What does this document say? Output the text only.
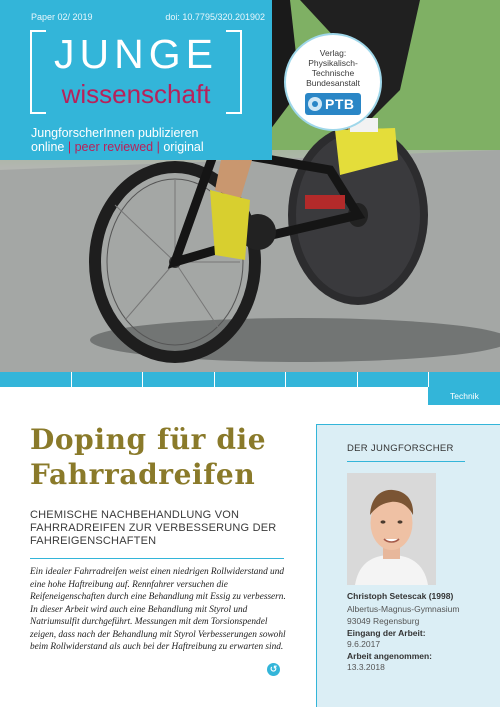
Paper 02/ 2019	doi: 10.7795/320.201902
JUNGE
wissenschaft
JungforscherInnen publizieren
online | peer reviewed | original
Verlag:
Physikalisch-
Technische
Bundesanstalt
PTB
Technik
Doping für die
Fahrradreifen
CHEMISCHE NACHBEHANDLUNG VON FAHRRADREIFEN ZUR VERBESSERUNG DER FAHREIGENSCHAFTEN
Ein idealer Fahrradreifen weist einen niedrigen Rollwiderstand und eine hohe Haftreibung auf. Rennfahrer versuchen die Reifeneigenschaften durch eine Behandlung mit Essig zu verbessern. In dieser Arbeit wird auch eine Behandlung mit Styrol und Natriumsulfit durchgeführt. Messungen mit dem Torsionspendel zeigen, dass nach der Behandlung mit Styrol Verbesserungen sowohl beim Rollwiderstand als auch bei der Haftreibung zu erwarten sind.
↺
DER JUNGFORSCHER
Christoph Setescak (1998)
Albertus-Magnus-Gymnasium
93049 Regensburg
Eingang der Arbeit:
9.6.2017
Arbeit angenommen:
13.3.2018
